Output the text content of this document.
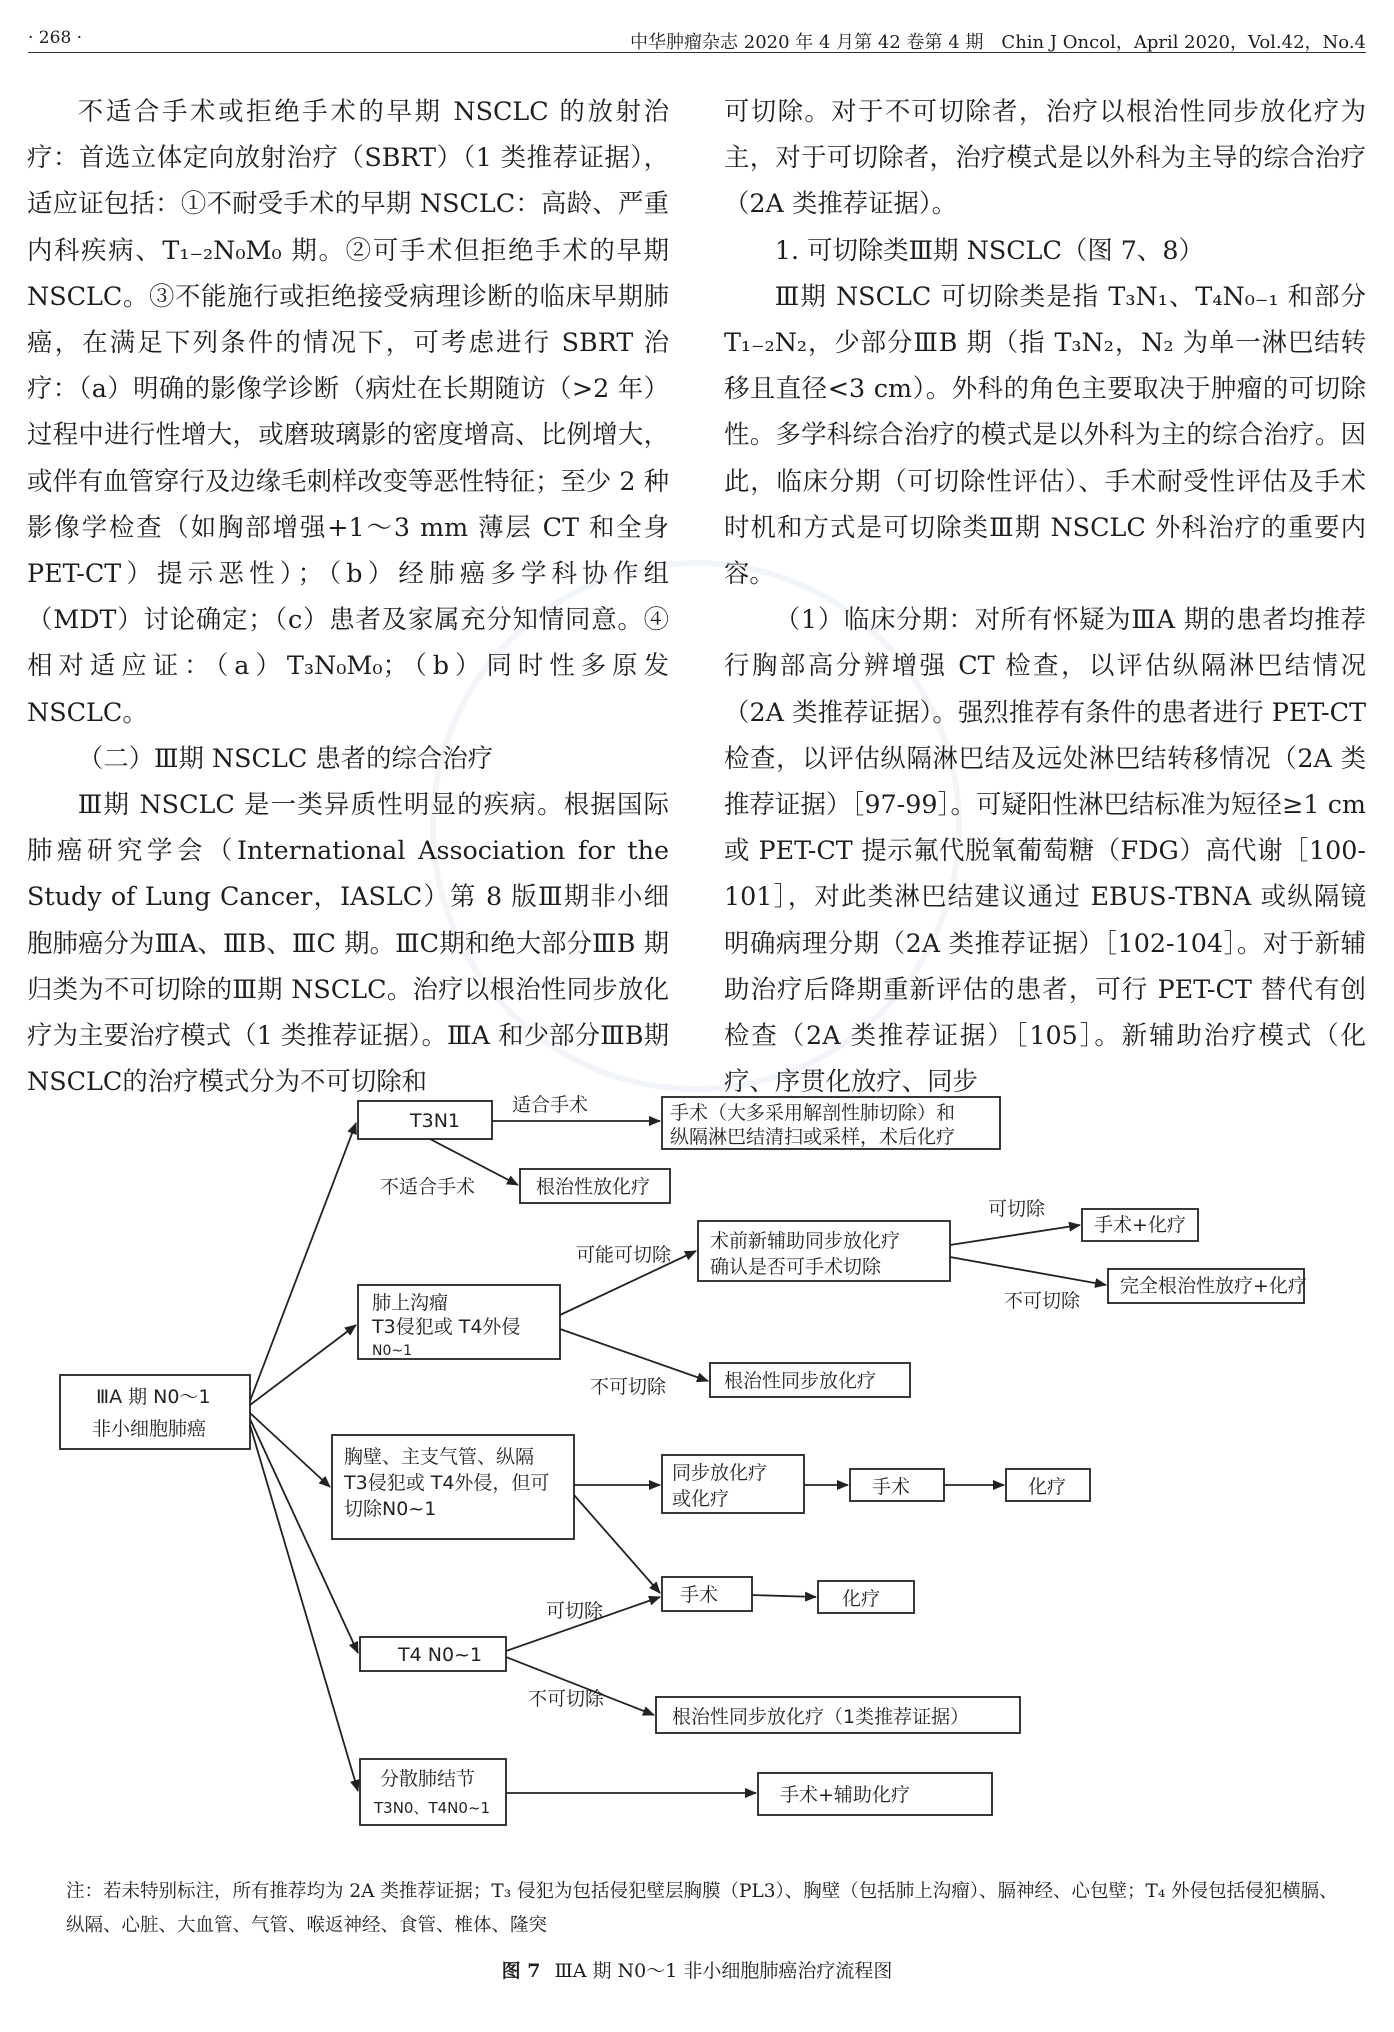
· 268 ·	中华肿瘤杂志 2020 年 4 月第 42 卷第 4 期　Chin J Oncol，April 2020，Vol.42，No.4

不适合手术或拒绝手术的早期 NSCLC 的放射治疗：首选立体定向放射治疗（SBRT）（1 类推荐证据），适应证包括：①不耐受手术的早期 NSCLC：高龄、严重内科疾病、T₁₋₂N₀M₀ 期。②可手术但拒绝手术的早期 NSCLC。③不能施行或拒绝接受病理诊断的临床早期肺癌，在满足下列条件的情况下，可考虑进行 SBRT 治疗：（a）明确的影像学诊断（病灶在长期随访（>2 年）过程中进行性增大，或磨玻璃影的密度增高、比例增大，或伴有血管穿行及边缘毛刺样改变等恶性特征；至少 2 种影像学检查（如胸部增强+1～3 mm 薄层 CT 和全身 PET-CT）提示恶性）；（b）经肺癌多学科协作组（MDT）讨论确定；（c）患者及家属充分知情同意。④相对适应证：（a）T₃N₀M₀；（b）同时性多原发 NSCLC。

（二）Ⅲ期 NSCLC 患者的综合治疗

Ⅲ期 NSCLC 是一类异质性明显的疾病。根据国际肺癌研究学会（International Association for the Study of Lung Cancer，IASLC）第 8 版Ⅲ期非小细胞肺癌分为ⅢA、ⅢB、ⅢC 期。ⅢC期和绝大部分ⅢB 期归类为不可切除的Ⅲ期 NSCLC。治疗以根治性同步放化疗为主要治疗模式（1 类推荐证据）。ⅢA 和少部分ⅢB期NSCLC的治疗模式分为不可切除和

可切除。对于不可切除者，治疗以根治性同步放化疗为主，对于可切除者，治疗模式是以外科为主导的综合治疗（2A 类推荐证据）。

1. 可切除类Ⅲ期 NSCLC（图 7、8）

Ⅲ期 NSCLC 可切除类是指 T₃N₁、T₄N₀₋₁ 和部分 T₁₋₂N₂，少部分ⅢB 期（指 T₃N₂，N₂ 为单一淋巴结转移且直径<3 cm）。外科的角色主要取决于肿瘤的可切除性。多学科综合治疗的模式是以外科为主的综合治疗。因此，临床分期（可切除性评估）、手术耐受性评估及手术时机和方式是可切除类Ⅲ期 NSCLC 外科治疗的重要内容。

（1）临床分期：对所有怀疑为ⅢA 期的患者均推荐行胸部高分辨增强 CT 检查，以评估纵隔淋巴结情况（2A 类推荐证据）。强烈推荐有条件的患者进行 PET-CT 检查，以评估纵隔淋巴结及远处淋巴结转移情况（2A 类推荐证据）［97-99］。可疑阳性淋巴结标准为短径≥1 cm 或 PET-CT 提示氟代脱氧葡萄糖（FDG）高代谢［100-101］，对此类淋巴结建议通过 EBUS-TBNA 或纵隔镜明确病理分期（2A 类推荐证据）［102-104］。对于新辅助治疗后降期重新评估的患者，可行 PET-CT 替代有创检查（2A 类推荐证据）［105］。新辅助治疗模式（化疗、序贯化放疗、同步

ⅢA 期 N0～1
非小细胞肺癌
T3N1	手术（大多采用解剖性肺切除）和
纵隔淋巴结清扫或采样，术后化疗
适合手术
不适合手术	根治性放化疗
肺上沟瘤
T3侵犯或 T4外侵
N0~1
可能可切除
术前新辅助同步放化疗
确认是否可手术切除
可切除
不可切除
手术+化疗
完全根治性放疗+化疗
不可切除	根治性同步放化疗
胸壁、主支气管、纵隔
T3侵犯或 T4外侵，但可
切除N0~1
同步放化疗
或化疗
手术	化疗
可切除
手术	化疗
T4 N0~1
不可切除
根治性同步放化疗（1类推荐证据）
分散肺结节
T3N0、T4N0~1
手术+辅助化疗
注：若未特别标注，所有推荐均为 2A 类推荐证据；T₃ 侵犯为包括侵犯壁层胸膜（PL3）、胸壁（包括肺上沟瘤）、膈神经、心包壁；T₄ 外侵包括侵犯横膈、纵隔、心脏、大血管、气管、喉返神经、食管、椎体、隆突
图 7 ⅢA 期 N0～1 非小细胞肺癌治疗流程图
